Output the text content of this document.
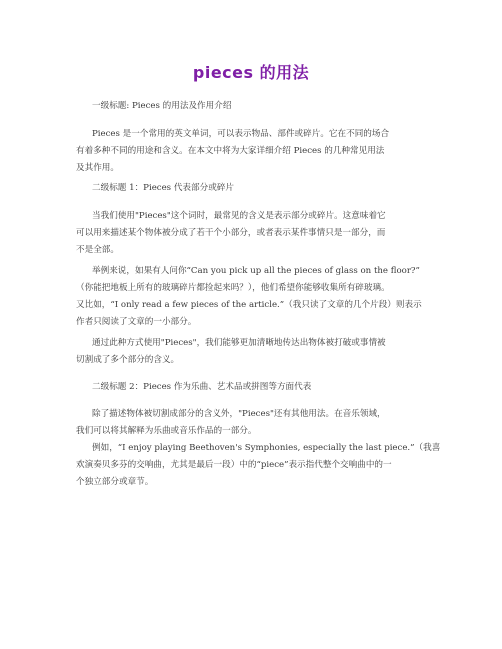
pieces 的用法
一级标题: Pieces 的用法及作用介绍
Pieces 是一个常用的英文单词，可以表示物品、部件或碎片。它在不同的场合
有着多种不同的用途和含义。在本文中将为大家详细介绍 Pieces 的几种常见用法
及其作用。
二级标题 1：Pieces 代表部分或碎片
当我们使用"Pieces"这个词时，最常见的含义是表示部分或碎片。这意味着它
可以用来描述某个物体被分成了若干个小部分，或者表示某件事情只是一部分，而
不是全部。
举例来说，如果有人问你“Can you pick up all the pieces of glass on the floor?”
（你能把地板上所有的玻璃碎片都捡起来吗？），他们希望你能够收集所有碎玻璃。
又比如，“I only read a few pieces of the article.”（我只读了文章的几个片段）则表示
作者只阅读了文章的一小部分。
通过此种方式使用"Pieces"，我们能够更加清晰地传达出物体被打破或事情被
切割成了多个部分的含义。
二级标题 2：Pieces 作为乐曲、艺术品或拼图等方面代表
除了描述物体被切割成部分的含义外，"Pieces"还有其他用法。在音乐领域，
我们可以将其解释为乐曲或音乐作品的一部分。
例如，“I enjoy playing Beethoven's Symphonies, especially the last piece.”（我喜
欢演奏贝多芬的交响曲，尤其是最后一段）中的“piece”表示指代整个交响曲中的一
个独立部分或章节。
